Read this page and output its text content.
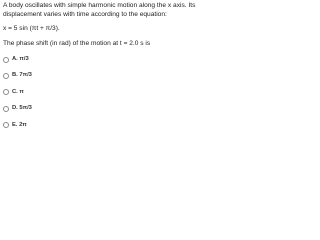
A body oscillates with simple harmonic motion along the x axis. Its
displacement varies with time according to the equation:
x = 5 sin (πt + π/3).
The phase shift (in rad) of the motion at t = 2.0 s is
A. π/3
B. 7π/3
C. π
D. 5π/3
E. 2π
